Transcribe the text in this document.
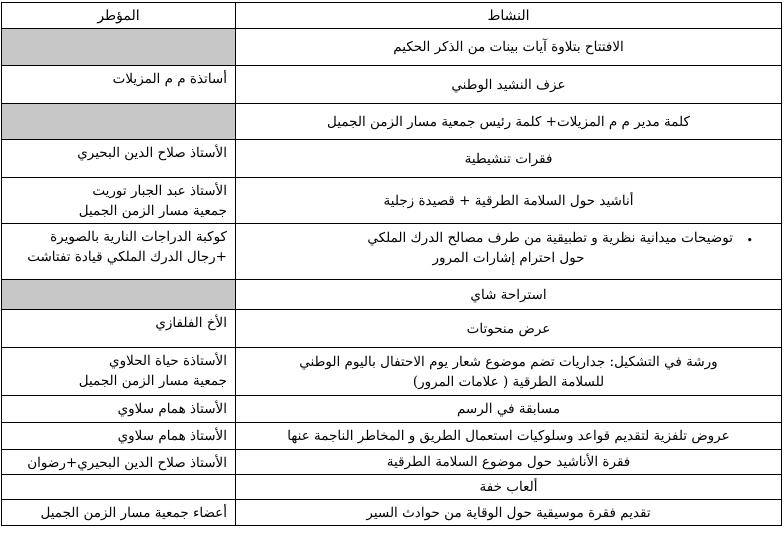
النشاط	المؤطر

الافتتاح بتلاوة آيات بينات من الذكر الحكيم	

عزف النشيد الوطني	أساتذة م م المزيلات

كلمة مدير م م المزيلات+ كلمة رئيس جمعية مسار الزمن الجميل	

فقرات تنشيطية	الأستاذ صلاح الدين البحيري

أناشيد حول السلامة الطرقية + قصيدة زجلية	الأستاذ عبد الجبار توريت
جمعية مسار الزمن الجميل

•
توضيحات ميدانية نظرية و تطبيقية من طرف مصالح الدرك الملكي
حول احترام إشارات المرور	كوكبة الدراجات النارية بالصويرة
+رجال الدرك الملكي قيادة تفتاشت

استراحة شاي	

عرض منحوتات	الأخ الفلفازي

ورشة في التشكيل: جداريات تضم موضوع شعار يوم الاحتفال باليوم الوطني
للسلامة الطرقية ( علامات المرور)	الأستاذة حياة الحلاوي
جمعية مسار الزمن الجميل

مسابقة في الرسم	الأستاذ همام سلاوي

عروض تلفزية لتقديم قواعد وسلوكيات استعمال الطريق و المخاطر الناجمة عنها	الأستاذ همام سلاوي

فقرة الأناشيد حول موضوع السلامة الطرقية	الأستاذ صلاح الدين البحيري+رضوان

ألعاب خفة	

تقديم فقرة موسيقية حول الوقاية من حوادث السير	أعضاء جمعية مسار الزمن الجميل
